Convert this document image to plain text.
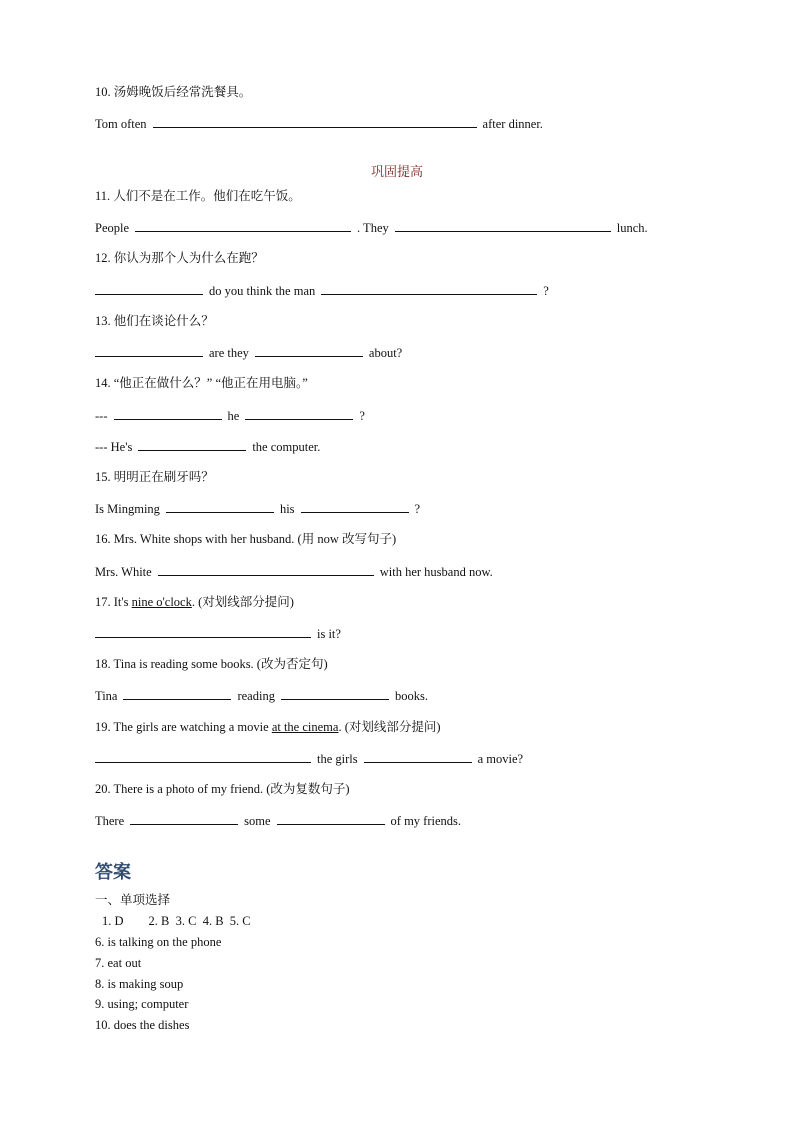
10. 汤姆晚饭后经常洗餐具。
Tom often	after dinner.
巩固提高
11. 人们不是在工作。他们在吃午饭。
People	. They	lunch.
12. 你认为那个人为什么在跑？
do you think the man	?
13. 他们在谈论什么？
are they	about?
14. “他正在做什么？” “他正在用电脑。”
---	he	?
--- He's	the computer.
15. 明明正在刷牙吗？
Is Mingming	his	?
16. Mrs. White shops with her husband. (用 now 改写句子)
Mrs. White	with her husband now.
17. It's nine o'clock. (对划线部分提问)
is it?
18. Tina is reading some books. (改为否定句)
Tina	reading	books.
19. The girls are watching a movie at the cinema. (对划线部分提问)
the girls	a movie?
20. There is a photo of my friend. (改为复数句子)
There	some	of my friends.
答案
一、单项选择
1. D        2. B  3. C  4. B  5. C
6. is talking on the phone
7. eat out
8. is making soup
9. using; computer
10. does the dishes
